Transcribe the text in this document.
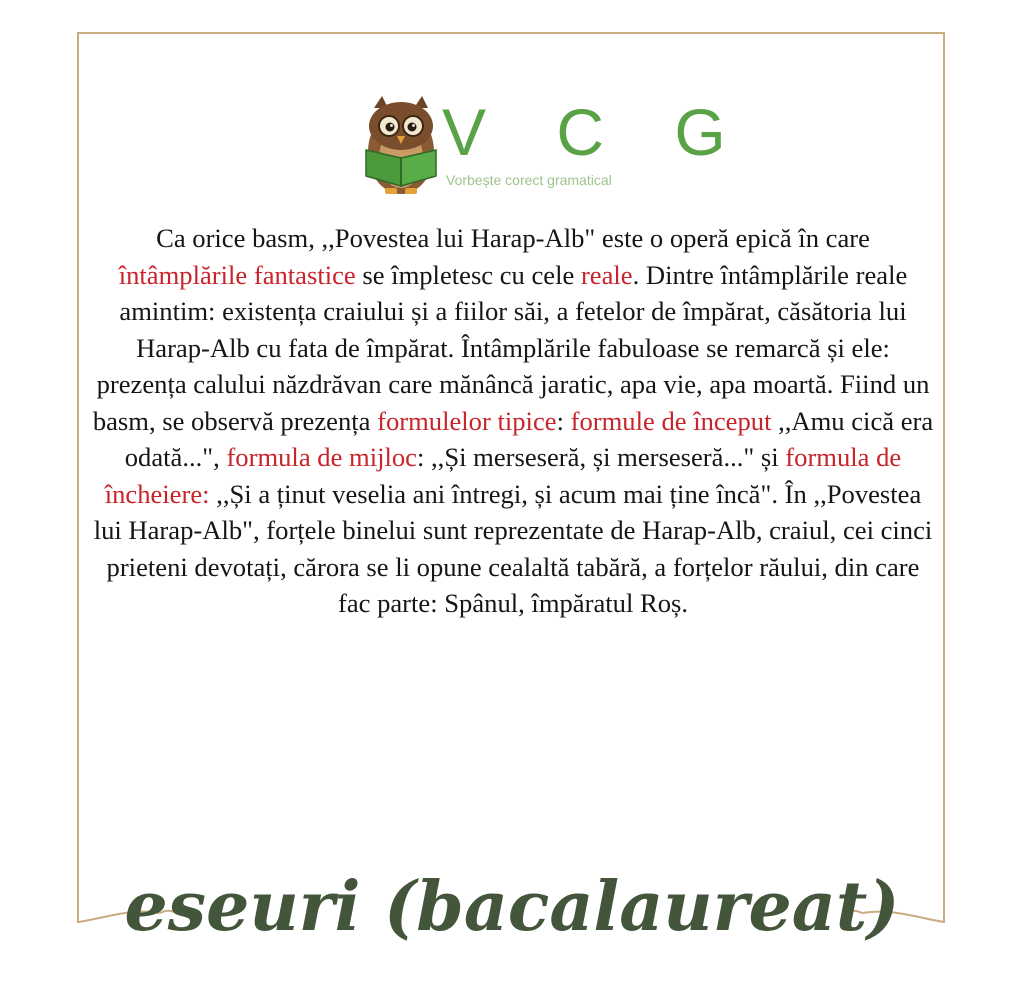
V C G
Vorbește corect gramatical
Ca orice basm, ,,Povestea lui Harap-Alb" este o operă epică în care întâmplările fantastice se împletesc cu cele reale. Dintre întâmplările reale amintim: existența craiului și a fiilor săi, a fetelor de împărat, căsătoria lui Harap-Alb cu fata de împărat. Întâmplările fabuloase se remarcă și ele: prezența calului năzdrăvan care mănâncă jaratic, apa vie, apa moartă. Fiind un basm, se observă prezența formulelor tipice: formule de început ,,Amu cică era odată...", formula de mijloc: ,,Și merseseră, și merseseră..." și formula de încheiere: ,,Și a ținut veselia ani întregi, și acum mai ține încă". În ,,Povestea lui Harap-Alb", forțele binelui sunt reprezentate de Harap-Alb, craiul, cei cinci prieteni devotați, cărora se li opune cealaltă tabără, a forțelor răului, din care fac parte: Spânul, împăratul Roș.
eseuri (bacalaureat)
